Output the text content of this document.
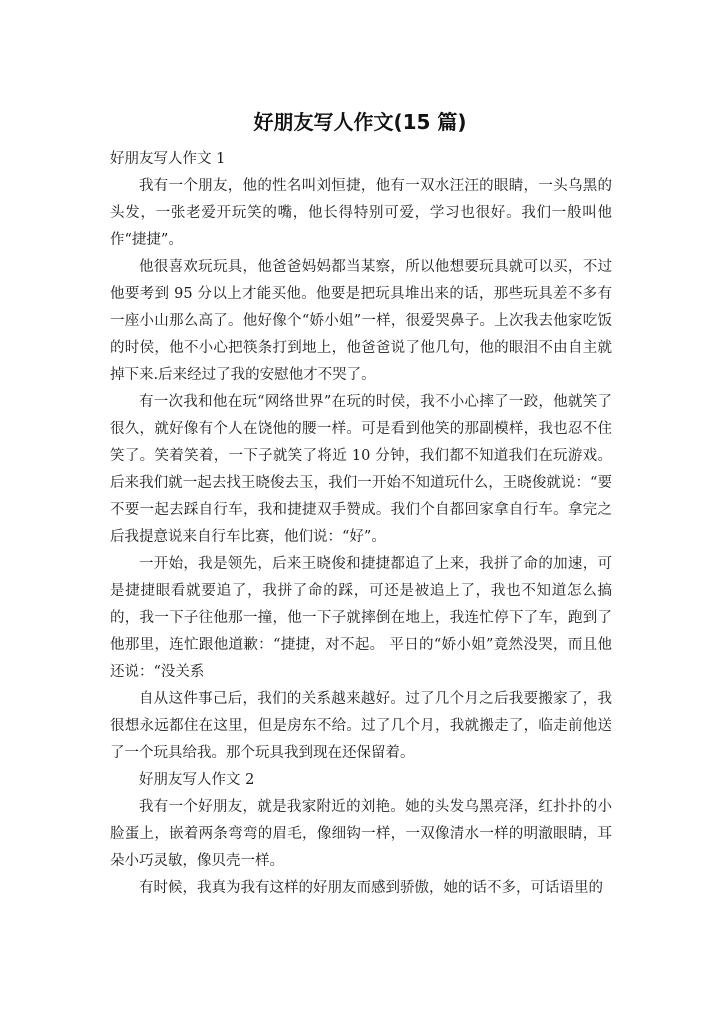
好朋友写人作文(15 篇)

好朋友写人作文 1

我有一个朋友，他的性名叫刘恒捷，他有一双水汪汪的眼睛，一头乌黑的头发，一张老爱开玩笑的嘴，他长得特别可爱，学习也很好。我们一般叫他作“捷捷”。

他很喜欢玩玩具，他爸爸妈妈都当某察，所以他想要玩具就可以买，不过他要考到 95 分以上才能买他。他要是把玩具堆出来的话，那些玩具差不多有一座小山那么高了。他好像个“娇小姐”一样，很爱哭鼻子。上次我去他家吃饭的时侯，他不小心把筷条打到地上，他爸爸说了他几句，他的眼泪不由自主就掉下来.后来经过了我的安慰他才不哭了。

有一次我和他在玩“网络世界”在玩的时侯，我不小心摔了一跤，他就笑了很久，就好像有个人在饶他的腰一样。可是看到他笑的那副模样，我也忍不住笑了。笑着笑着，一下子就笑了将近 10 分钟，我们都不知道我们在玩游戏。后来我们就一起去找王晓俊去玉，我们一开始不知道玩什么，王晓俊就说：“要不要一起去踩自行车，我和捷捷双手赞成。我们个自都回家拿自行车。拿完之后我提意说来自行车比赛，他们说：“好”。

一开始，我是领先，后来王晓俊和捷捷都追了上来，我拼了命的加速，可是捷捷眼看就要追了，我拼了命的踩，可还是被追上了，我也不知道怎么搞的，我一下子往他那一撞，他一下子就摔倒在地上，我连忙停下了车，跑到了他那里，连忙跟他道歉：“捷捷，对不起。 平日的“娇小姐”竟然没哭，而且他还说：“没关系

自从这件事己后，我们的关系越来越好。过了几个月之后我要搬家了，我很想永远都住在这里，但是房东不给。过了几个月，我就搬走了，临走前他送了一个玩具给我。那个玩具我到现在还保留着。

好朋友写人作文 2

我有一个好朋友，就是我家附近的刘艳。她的头发乌黑亮泽，红扑扑的小脸蛋上，嵌着两条弯弯的眉毛，像细钩一样，一双像清水一样的明澈眼睛，耳朵小巧灵敏，像贝壳一样。

有时候，我真为我有这样的好朋友而感到骄傲，她的话不多，可话语里的
